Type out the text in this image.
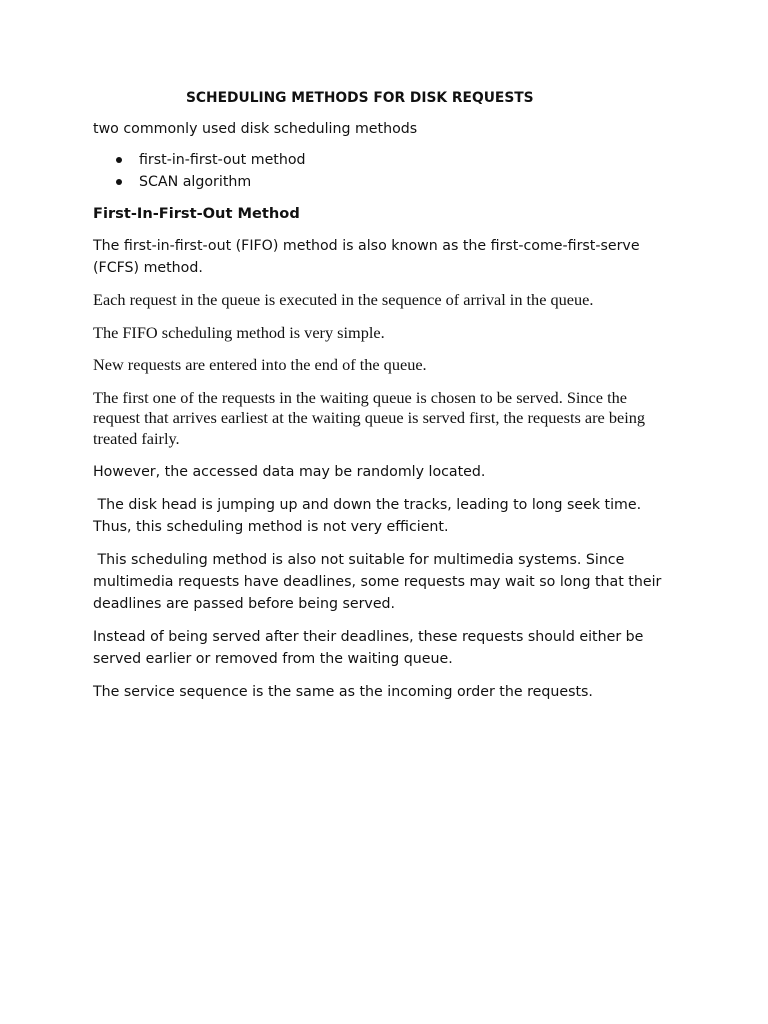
SCHEDULING METHODS FOR DISK REQUESTS

two commonly used disk scheduling methods

first-in-first-out method
SCAN algorithm
First-In-First-Out Method

The first-in-first-out (FIFO) method is also known as the first-come-first-serve (FCFS) method.

Each request in the queue is executed in the sequence of arrival in the queue.

The FIFO scheduling method is very simple.

New requests are entered into the end of the queue.

The first one of the requests in the waiting queue is chosen to be served. Since the request that arrives earliest at the waiting queue is served first, the requests are being treated fairly.

However, the accessed data may be randomly located.

The disk head is jumping up and down the tracks, leading to long seek time. Thus, this scheduling method is not very efficient.

This scheduling method is also not suitable for multimedia systems. Since multimedia requests have deadlines, some requests may wait so long that their deadlines are passed before being served.

Instead of being served after their deadlines, these requests should either be served earlier or removed from the waiting queue.

The service sequence is the same as the incoming order the requests.
